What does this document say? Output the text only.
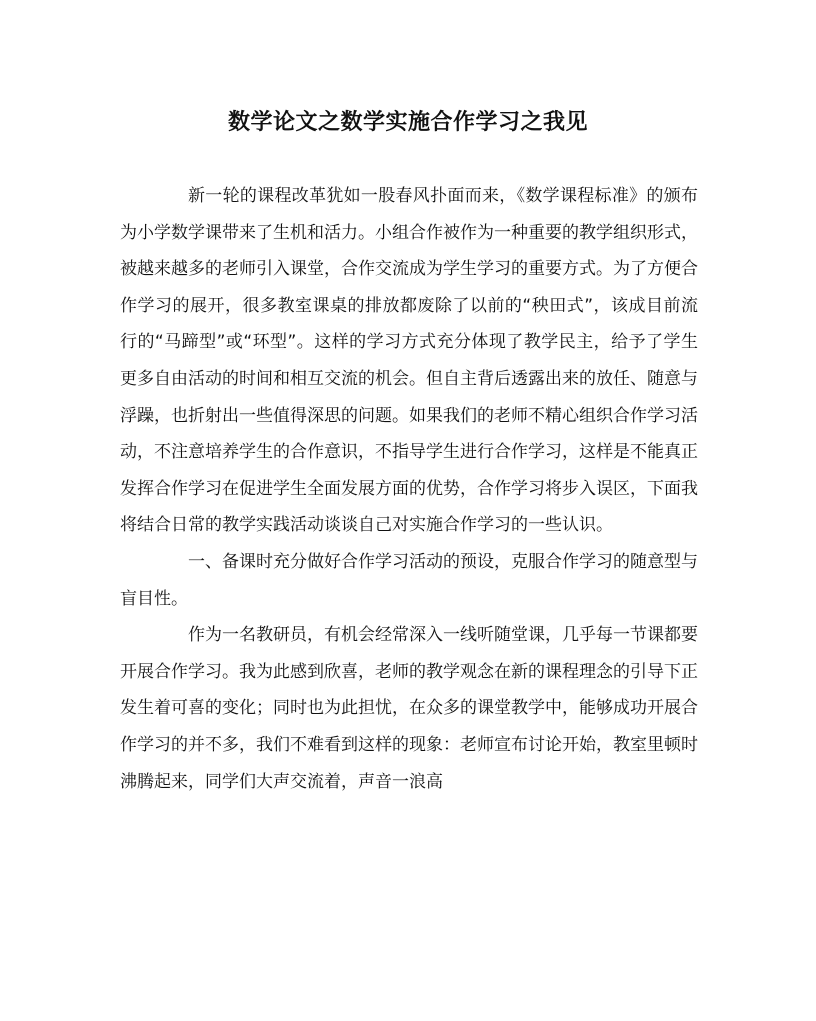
数学论文之数学实施合作学习之我见

新一轮的课程改革犹如一股春风扑面而来，《数学课程标准》的颁布为小学数学课带来了生机和活力。小组合作被作为一种重要的教学组织形式，被越来越多的老师引入课堂，合作交流成为学生学习的重要方式。为了方便合作学习的展开，很多教室课桌的排放都废除了以前的“秧田式”，该成目前流行的“马蹄型”或“环型”。这样的学习方式充分体现了教学民主，给予了学生更多自由活动的时间和相互交流的机会。但自主背后透露出来的放任、随意与浮躁，也折射出一些值得深思的问题。如果我们的老师不精心组织合作学习活动，不注意培养学生的合作意识，不指导学生进行合作学习，这样是不能真正发挥合作学习在促进学生全面发展方面的优势，合作学习将步入误区，下面我将结合日常的教学实践活动谈谈自己对实施合作学习的一些认识。

一、备课时充分做好合作学习活动的预设，克服合作学习的随意型与盲目性。

作为一名教研员，有机会经常深入一线听随堂课，几乎每一节课都要开展合作学习。我为此感到欣喜，老师的教学观念在新的课程理念的引导下正发生着可喜的变化；同时也为此担忧，在众多的课堂教学中，能够成功开展合作学习的并不多，我们不难看到这样的现象：老师宣布讨论开始，教室里顿时沸腾起来，同学们大声交流着，声音一浪高
